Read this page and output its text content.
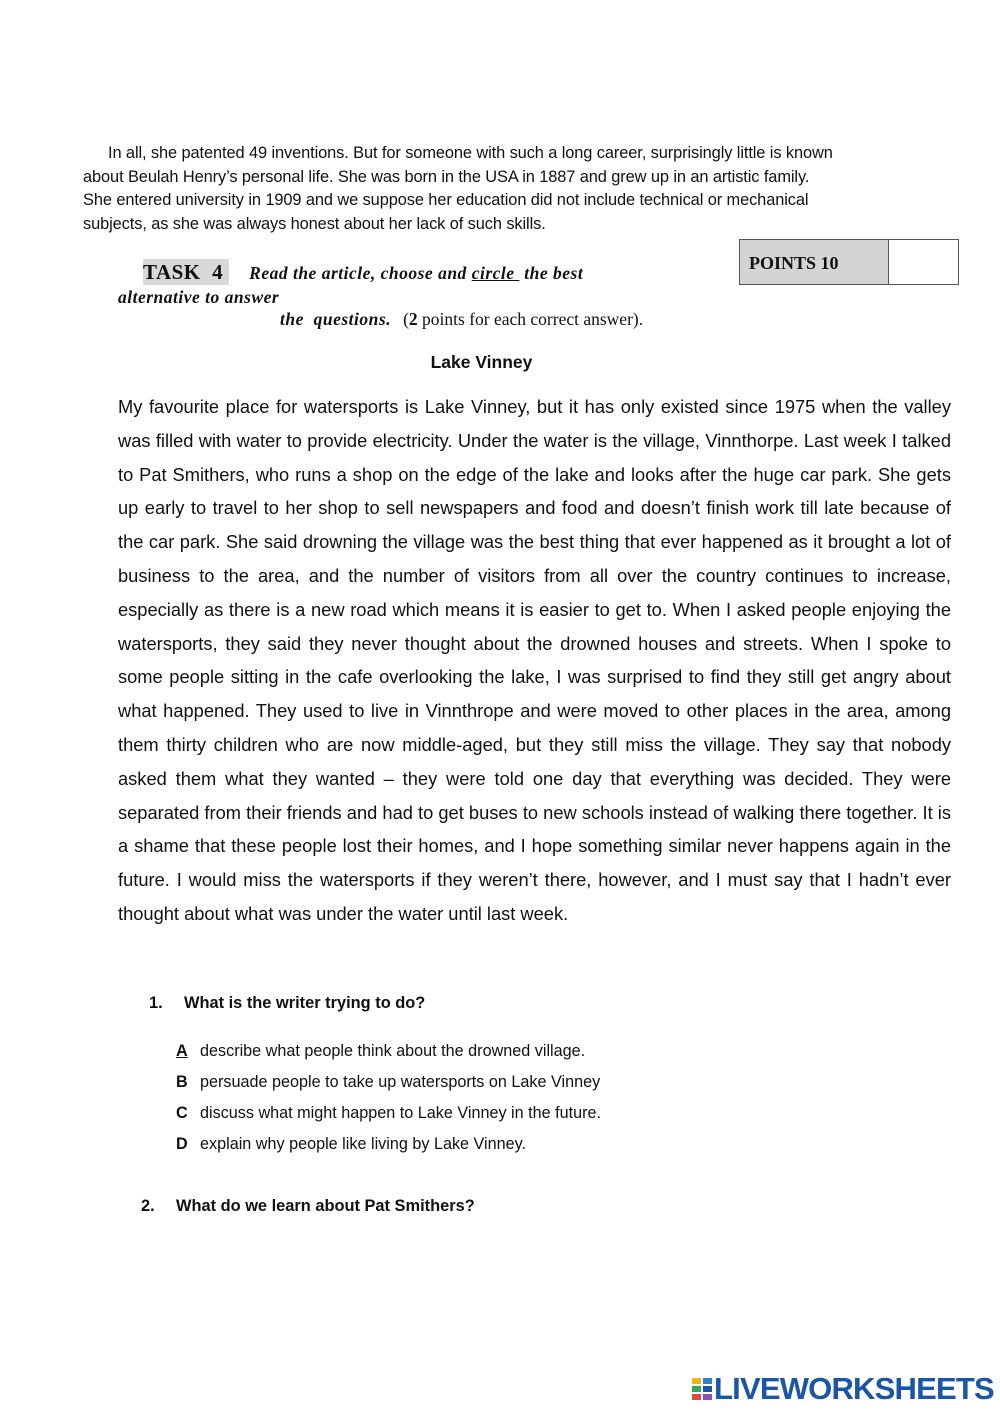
In all, she patented 49 inventions. But for someone with such a long career, surprisingly little is known
about Beulah Henry’s personal life. She was born in the USA in 1887 and grew up in an artistic family.
She entered university in 1909 and we suppose her education did not include technical or mechanical
subjects, as she was always honest about her lack of such skills.
TASK  4 Read the article, choose and circle  the best
alternative to answer
the  questions. (2 points for each correct answer).
POINTS 10
Lake Vinney
My favourite place for watersports is Lake Vinney, but it has only existed since 1975 when the valley was filled with water to provide electricity. Under the water is the village, Vinnthorpe. Last week I talked to Pat Smithers, who runs a shop on the edge of the lake and looks after the huge car park. She gets up early to travel to her shop to sell newspapers and food and doesn’t finish work till late because of the car park. She said drowning the village was the best thing that ever happened as it brought a lot of business to the area, and the number of visitors from all over the country continues to increase, especially as there is a new road which means it is easier to get to. When I asked people enjoying the watersports, they said they never thought about the drowned houses and streets. When I spoke to some people sitting in the cafe overlooking the lake, I was surprised to find they still get angry about what happened. They used to live in Vinnthrope and were moved to other places in the area, among them thirty children who are now middle-aged, but they still miss the village. They say that nobody asked them what they wanted – they were told one day that everything was decided. They were separated from their friends and had to get buses to new schools instead of walking there together. It is a shame that these people lost their homes, and I hope something similar never happens again in the future. I would miss the watersports if they weren’t there, however, and I must say that I hadn’t ever thought about what was under the water until last week.
1. What is the writer trying to do?
A describe what people think about the drowned village.
B persuade people to take up watersports on Lake Vinney
C discuss what might happen to Lake Vinney in the future.
D explain why people like living by Lake Vinney.
2. What do we learn about Pat Smithers?
LIVEWORKSHEETS
